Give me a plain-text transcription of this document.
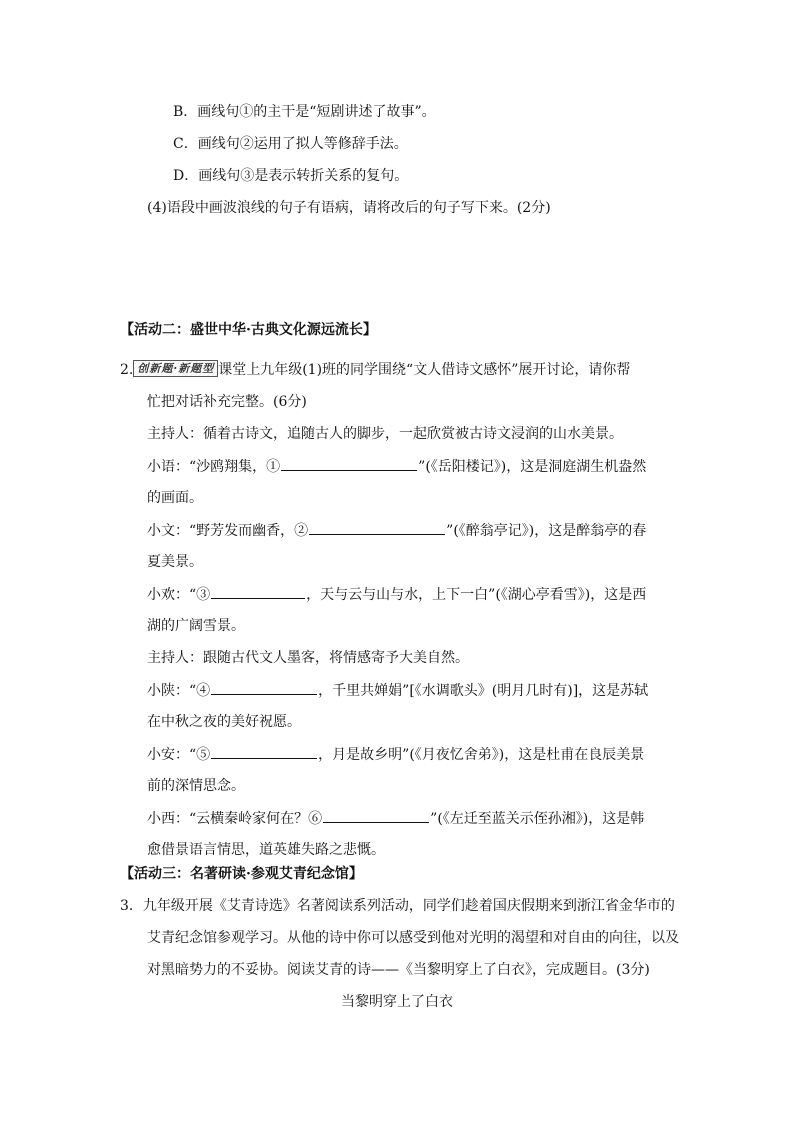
B．画线句①的主干是“短剧讲述了故事”。
C．画线句②运用了拟人等修辞手法。
D．画线句③是表示转折关系的复句。
(4)语段中画波浪线的句子有语病，请将改后的句子写下来。(2分)
【活动二：盛世中华·古典文化源远流长】
2. 创新题·新题型 课堂上九年级(1)班的同学围绕“文人借诗文感怀”展开讨论，请你帮
忙把对话补充完整。(6分)
主持人：循着古诗文，追随古人的脚步，一起欣赏被古诗文浸润的山水美景。
小语：“沙鸥翔集，①	”(《岳阳楼记》)，这是洞庭湖生机盎然
的画面。
小文：“野芳发而幽香，②	”(《醉翁亭记》)，这是醉翁亭的春
夏美景。
小欢：“③	，天与云与山与水，上下一白”(《湖心亭看雪》)，这是西
湖的广阔雪景。
主持人：跟随古代文人墨客，将情感寄予大美自然。
小陕：“④	，千里共婵娟”[《水调歌头》(明月几时有)]，这是苏轼
在中秋之夜的美好祝愿。
小安：“⑤	，月是故乡明”(《月夜忆舍弟》)，这是杜甫在良辰美景
前的深情思念。
小西：“云横秦岭家何在？⑥	”(《左迁至蓝关示侄孙湘》)，这是韩
愈借景语言情思，道英雄失路之悲慨。
【活动三：名著研读·参观艾青纪念馆】
3．九年级开展《艾青诗选》名著阅读系列活动，同学们趁着国庆假期来到浙江省金华市的
艾青纪念馆参观学习。从他的诗中你可以感受到他对光明的渴望和对自由的向往，以及
对黑暗势力的不妥协。阅读艾青的诗——《当黎明穿上了白衣》，完成题目。(3分)
当黎明穿上了白衣
